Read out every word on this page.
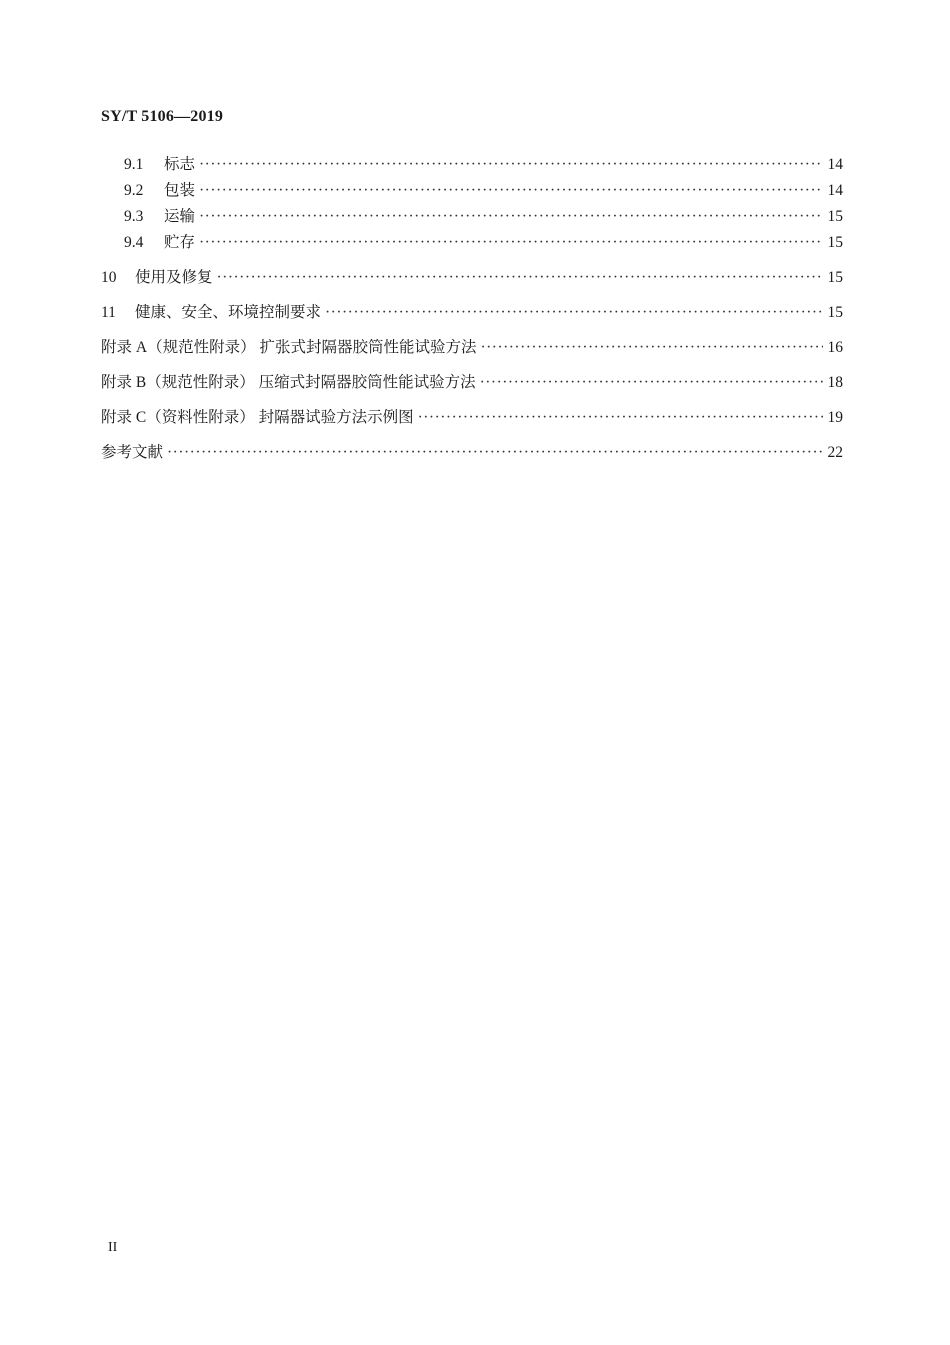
SY/T 5106—2019
9.1	标志 ·····	14
9.2	包装 ·····	14
9.3	运输 ·····	15
9.4	贮存 ·····	15
10	使用及修复 ·····	15
11	健康、安全、环境控制要求 ·····	15
附录 A（规范性附录） 扩张式封隔器胶筒性能试验方法 ·····	16
附录 B（规范性附录） 压缩式封隔器胶筒性能试验方法 ·····	18
附录 C（资料性附录） 封隔器试验方法示例图 ·····	19
参考文献 ·····	22
II
